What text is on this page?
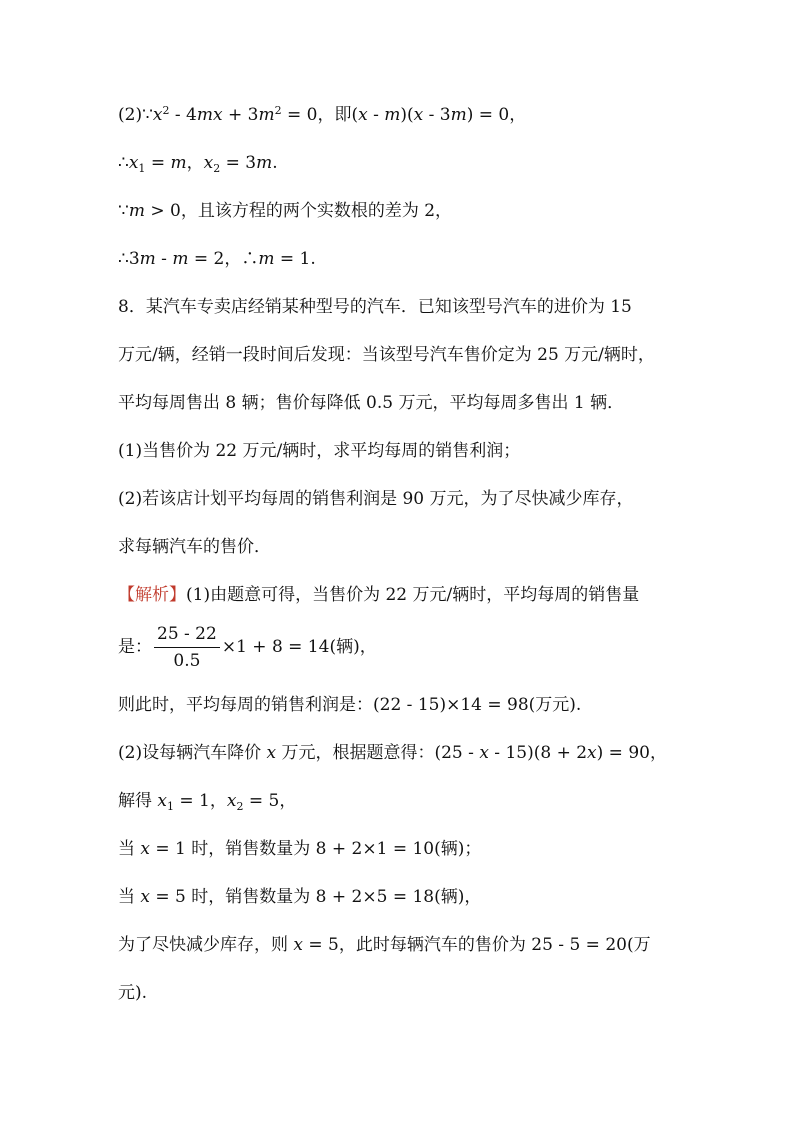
$(2)\because x^2 - 4mx + 3m^2 = 0$，即(x - m)(x - 3m) = 0，
$\therefore x_1 = m$，$x_2 = 3m$.
∵m > 0，且该方程的两个实数根的差为 2，
∴3m - m = 2，∴m = 1.
8．某汽车专卖店经销某种型号的汽车．已知该型号汽车的进价为 15
万元/辆，经销一段时间后发现：当该型号汽车售价定为 25 万元/辆时，
平均每周售出 8 辆；售价每降低 0.5 万元，平均每周多售出 1 辆．
(1)当售价为 22 万元/辆时，求平均每周的销售利润；
(2)若该店计划平均每周的销售利润是 90 万元，为了尽快减少库存，
求每辆汽车的售价．
【解析】(1)由题意可得，当售价为 22 万元/辆时，平均每周的销售量
是： $\frac{25 - 22}{0.5} \times 1 + 8 = 14$(辆)，
则此时，平均每周的销售利润是：(22 - 15)×14 = 98(万元).
(2)设每辆汽车降价 x 万元，根据题意得：(25 - x - 15)(8 + 2x) = 90，
解得 $x_1 = 1$，$x_2 = 5$，
当 x = 1 时，销售数量为 8 + 2×1 = 10(辆)；
当 x = 5 时，销售数量为 8 + 2×5 = 18(辆)，
为了尽快减少库存，则 x = 5，此时每辆汽车的售价为 25 - 5 = 20(万
元).
